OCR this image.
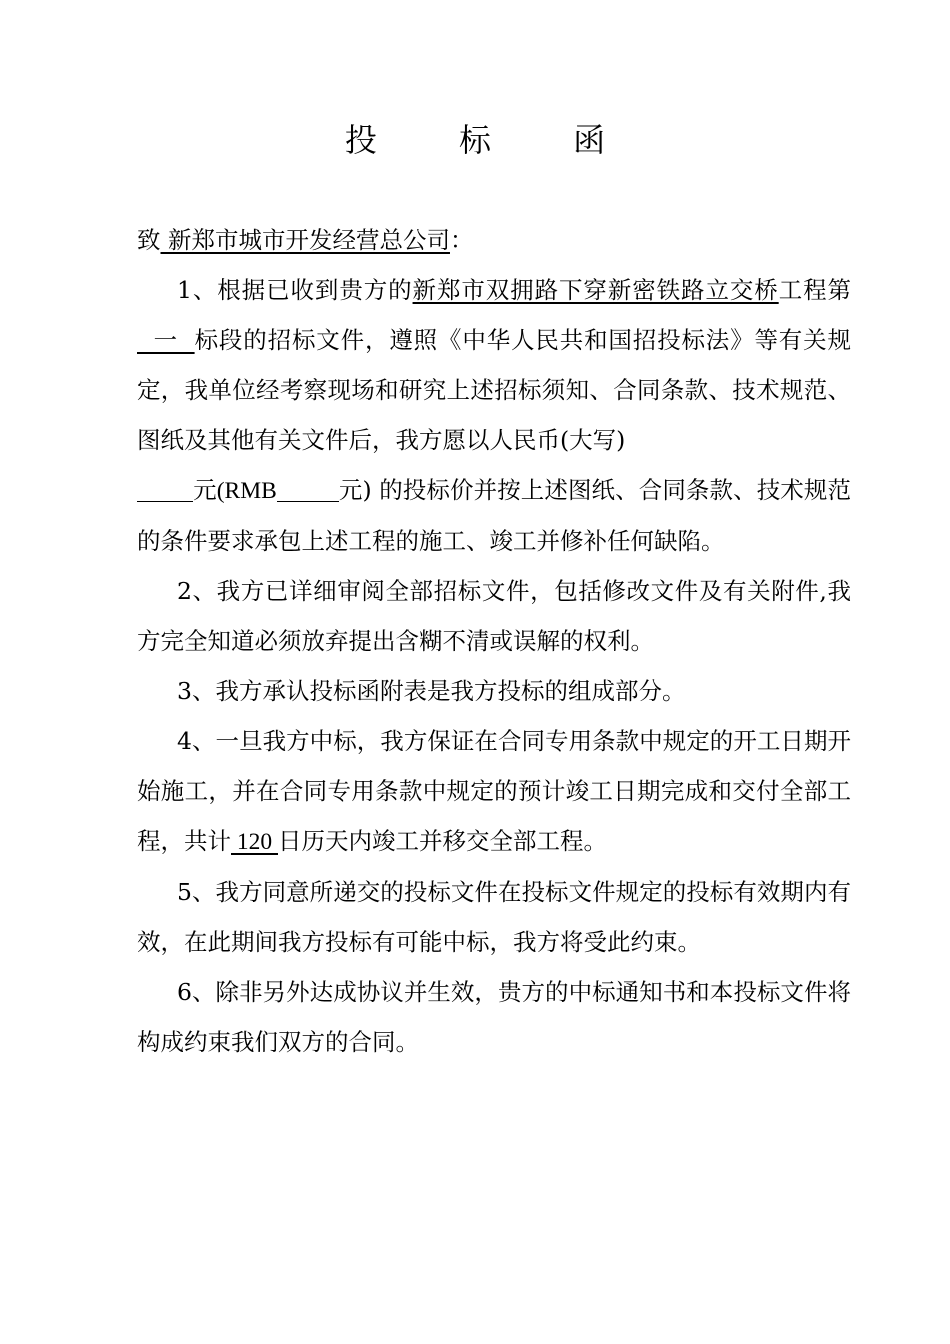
投 标 函

致 新郑市城市开发经营总公司：

1、根据已收到贵方的新郑市双拥路下穿新密铁路立交桥工程第  一  标段的招标文件，遵照《中华人民共和国招投标法》等有关规定，我单位经考察现场和研究上述招标须知、合同条款、技术规范、图纸及其他有关文件后，我方愿以人民币(大写)
元(RMB	元) 的投标价并按上述图纸、合同条款、技术规范的条件要求承包上述工程的施工、竣工并修补任何缺陷。

2、我方已详细审阅全部招标文件，包括修改文件及有关附件,我方完全知道必须放弃提出含糊不清或误解的权利。

3、我方承认投标函附表是我方投标的组成部分。

4、一旦我方中标，我方保证在合同专用条款中规定的开工日期开始施工，并在合同专用条款中规定的预计竣工日期完成和交付全部工程，共计 120 日历天内竣工并移交全部工程。

5、我方同意所递交的投标文件在投标文件规定的投标有效期内有效，在此期间我方投标有可能中标，我方将受此约束。

6、除非另外达成协议并生效，贵方的中标通知书和本投标文件将构成约束我们双方的合同。
